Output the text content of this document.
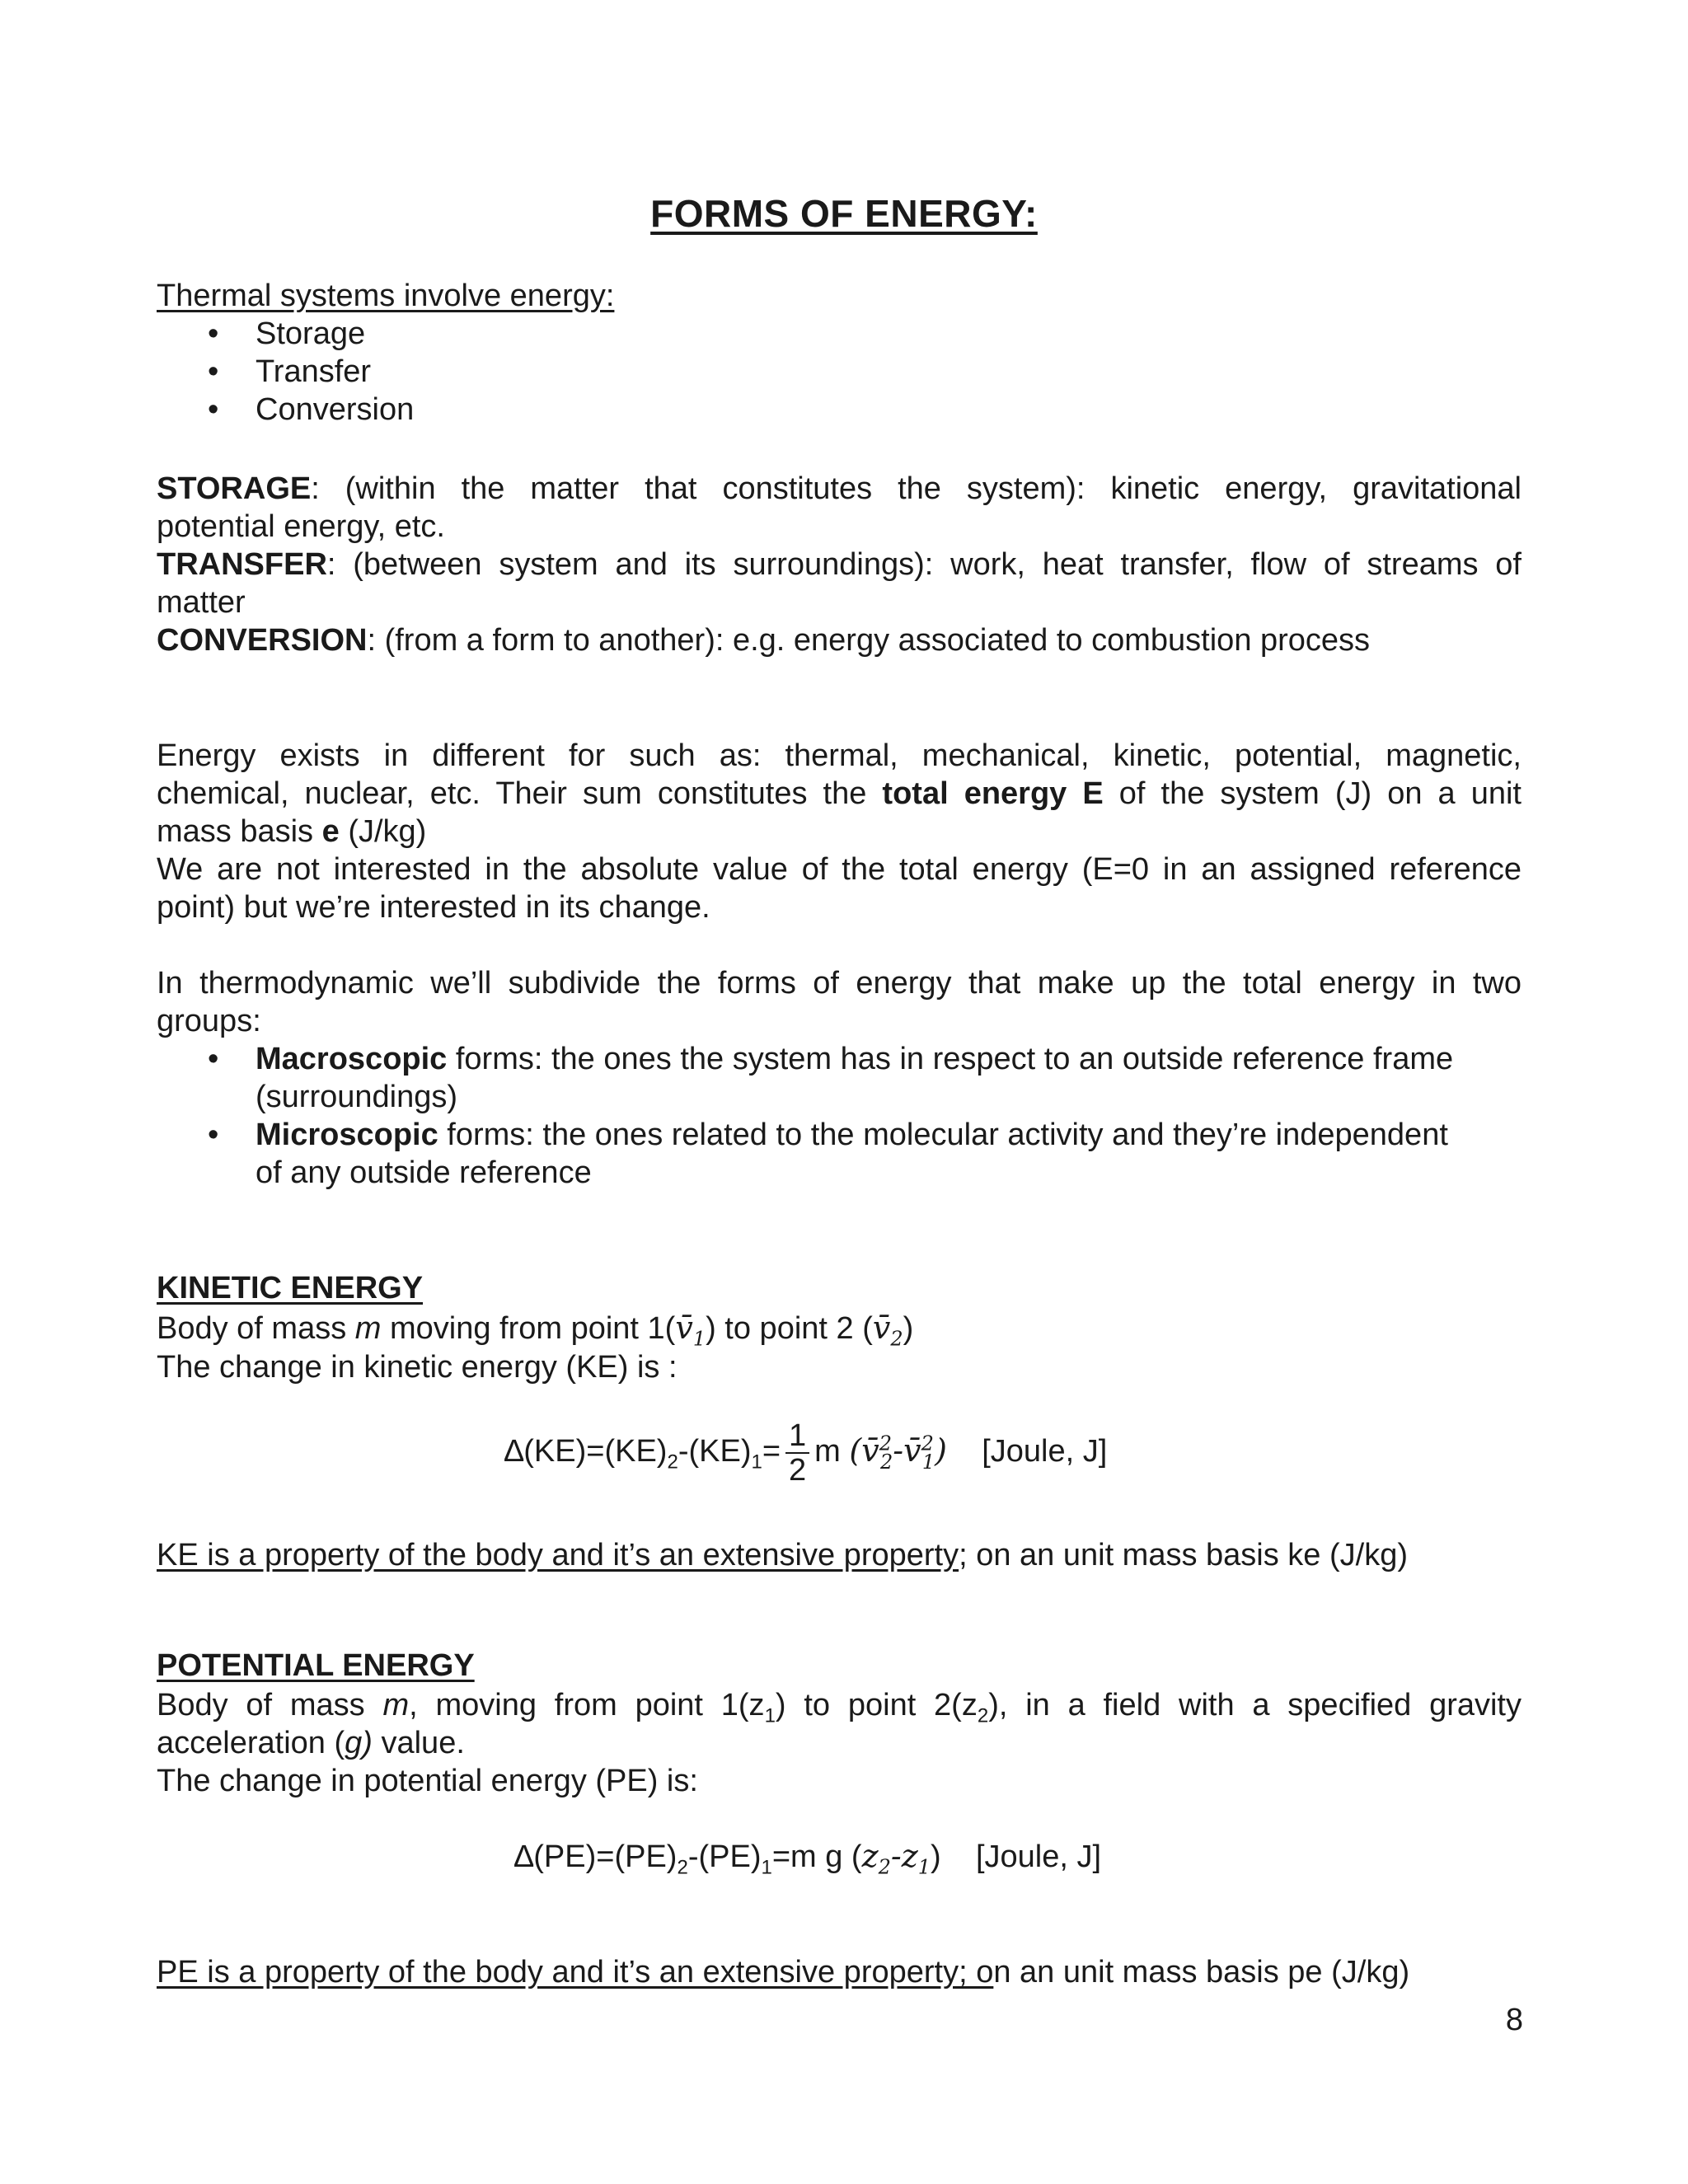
FORMS OF ENERGY:
Thermal systems involve energy:
• Storage
• Transfer
• Conversion
STORAGE: (within the matter that constitutes the system): kinetic energy, gravitational
potential energy, etc.
TRANSFER: (between system and its surroundings): work, heat transfer, flow of streams of
matter
CONVERSION: (from a form to another): e.g. energy associated to combustion process
Energy exists in different for such as: thermal, mechanical, kinetic, potential, magnetic,
chemical, nuclear, etc. Their sum constitutes the total energy E of the system (J) on a unit
mass basis e (J/kg)
We are not interested in the absolute value of the total energy (E=0 in an assigned reference
point) but we’re interested in its change.
In thermodynamic we’ll subdivide the forms of energy that make up the total energy in two
groups:
• Macroscopic forms: the ones the system has in respect to an outside reference frame
(surroundings)
• Microscopic forms: the ones related to the molecular activity and they’re independent
of any outside reference
KINETIC ENERGY
Body of mass m moving from point $1(v̄_1)$ to point 2 $(v̄_2)$
The change in kinetic energy (KE) is :
$\Delta(KE)=(KE)_2-(KE)_1= \frac{1}{2}$ m (v̄$^2_2$-v̄$^2_1$) [Joule, J]
KE is a property of the body and it’s an extensive property; on an unit mass basis ke (J/kg)
POTENTIAL ENERGY
Body of mass m, moving from point $1(z_1)$ to point $2(z_2)$, in a field with a specified gravity
acceleration (g) value.
The change in potential energy (PE) is:
$\Delta(PE)=(PE)_2-(PE)_1=m$ g $(z_2-z_1)$ [Joule, J]
PE is a property of the body and it’s an extensive property; on an unit mass basis pe (J/kg)
8
